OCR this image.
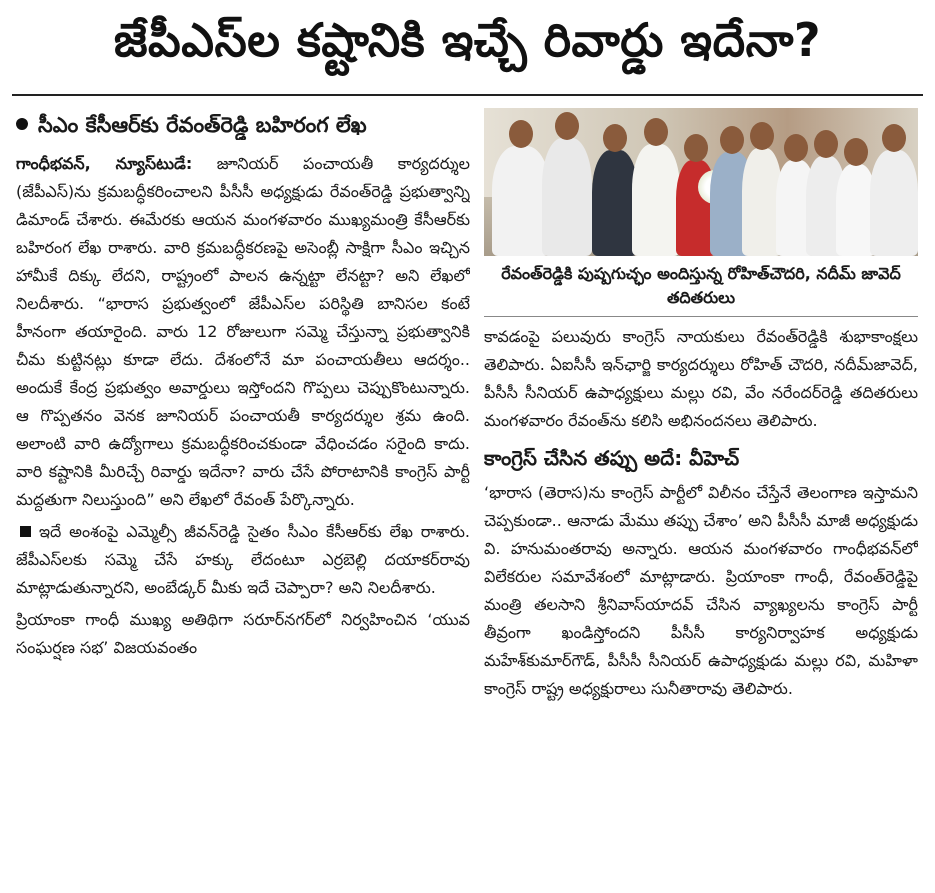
జేపీఎస్‌ల కష్టానికి ఇచ్చే రివార్డు ఇదేనా?
సీఎం కేసీఆర్‌కు రేవంత్‌రెడ్డి బహిరంగ లేఖ

గాంధీభవన్‌, న్యూస్‌టుడే: జూనియర్‌ పంచాయతీ కార్యదర్శుల (జేపీఎస్‌)ను క్రమబద్ధీకరించాలని పీసీసీ అధ్యక్షుడు రేవంత్‌రెడ్డి ప్రభుత్వాన్ని డిమాండ్‌ చేశారు. ఈమేరకు ఆయన మంగళవారం ముఖ్యమంత్రి కేసీఆర్‌కు బహిరంగ లేఖ రాశారు. వారి క్రమబద్ధీకరణపై అసెంబ్లీ సాక్షిగా సీఎం ఇచ్చిన హామీకే దిక్కు లేదని, రాష్ట్రంలో పాలన ఉన్నట్టా లేనట్టా? అని లేఖలో నిలదీశారు. “భారాస ప్రభుత్వంలో జేపీఎస్‌ల పరిస్థితి బానిసల కంటే హీనంగా తయారైంది. వారు 12 రోజులుగా సమ్మె చేస్తున్నా ప్రభుత్వానికి చీమ కుట్టినట్లు కూడా లేదు. దేశంలోనే మా పంచాయతీలు ఆదర్శం.. అందుకే కేంద్ర ప్రభుత్వం అవార్డులు ఇస్తోందని గొప్పలు చెప్పుకొంటున్నారు. ఆ గొప్పతనం వెనక జూనియర్‌ పంచాయతీ కార్యదర్శుల శ్రమ ఉంది. అలాంటి వారి ఉద్యోగాలు క్రమబద్ధీకరించకుండా వేధించడం సరైంది కాదు. వారి కష్టానికి మీరిచ్చే రివార్డు ఇదేనా? వారు చేసే పోరాటానికి కాంగ్రెస్‌ పార్టీ మద్దతుగా నిలుస్తుంది” అని లేఖలో రేవంత్‌ పేర్కొన్నారు.

ఇదే అంశంపై ఎమ్మెల్సీ జీవన్‌రెడ్డి సైతం సీఎం కేసీఆర్‌కు లేఖ రాశారు. జేపీఎస్‌లకు సమ్మె చేసే హక్కు లేదంటూ ఎర్రబెల్లి దయాకర్‌రావు మాట్లాడుతున్నారని, అంబేడ్కర్‌ మీకు ఇదే చెప్పారా? అని నిలదీశారు.

ప్రియాంకా గాంధీ ముఖ్య అతిథిగా సరూర్‌నగర్‌లో నిర్వహించిన ‘యువ సంఘర్షణ సభ’ విజయవంతం

రేవంత్‌రెడ్డికి పుష్పగుచ్ఛం అందిస్తున్న రోహిత్‌చౌదరి, నదీమ్‌ జావెద్‌ తదితరులు

కావడంపై పలువురు కాంగ్రెస్‌ నాయకులు రేవంత్‌రెడ్డికి శుభాకాంక్షలు తెలిపారు. ఏఐసీసీ ఇన్‌ఛార్జి కార్యదర్శులు రోహిత్‌ చౌదరి, నదీమ్‌జావెద్‌, పీసీసీ సీనియర్‌ ఉపాధ్యక్షులు మల్లు రవి, వేం నరేందర్‌రెడ్డి తదితరులు మంగళవారం రేవంత్‌ను కలిసి అభినందనలు తెలిపారు.

కాంగ్రెస్‌ చేసిన తప్పు అదే: వీహెచ్‌

‘భారాస (తెరాస)ను కాంగ్రెస్‌ పార్టీలో విలీనం చేస్తేనే తెలంగాణ ఇస్తామని చెప్పకుండా.. ఆనాడు మేము తప్పు చేశాం’ అని పీసీసీ మాజీ అధ్యక్షుడు వి. హనుమంతరావు అన్నారు. ఆయన మంగళవారం గాంధీభవన్‌లో విలేకరుల సమావేశంలో మాట్లాడారు. ప్రియాంకా గాంధీ, రేవంత్‌రెడ్డిపై మంత్రి తలసాని శ్రీనివాస్‌యాదవ్‌ చేసిన వ్యాఖ్యలను కాంగ్రెస్‌ పార్టీ తీవ్రంగా ఖండిస్తోందని పీసీసీ కార్యనిర్వాహక అధ్యక్షుడు మహేశ్‌కుమార్‌గౌడ్‌, పీసీసీ సీనియర్‌ ఉపాధ్యక్షుడు మల్లు రవి, మహిళా కాంగ్రెస్‌ రాష్ట్ర అధ్యక్షురాలు సునీతారావు తెలిపారు.
